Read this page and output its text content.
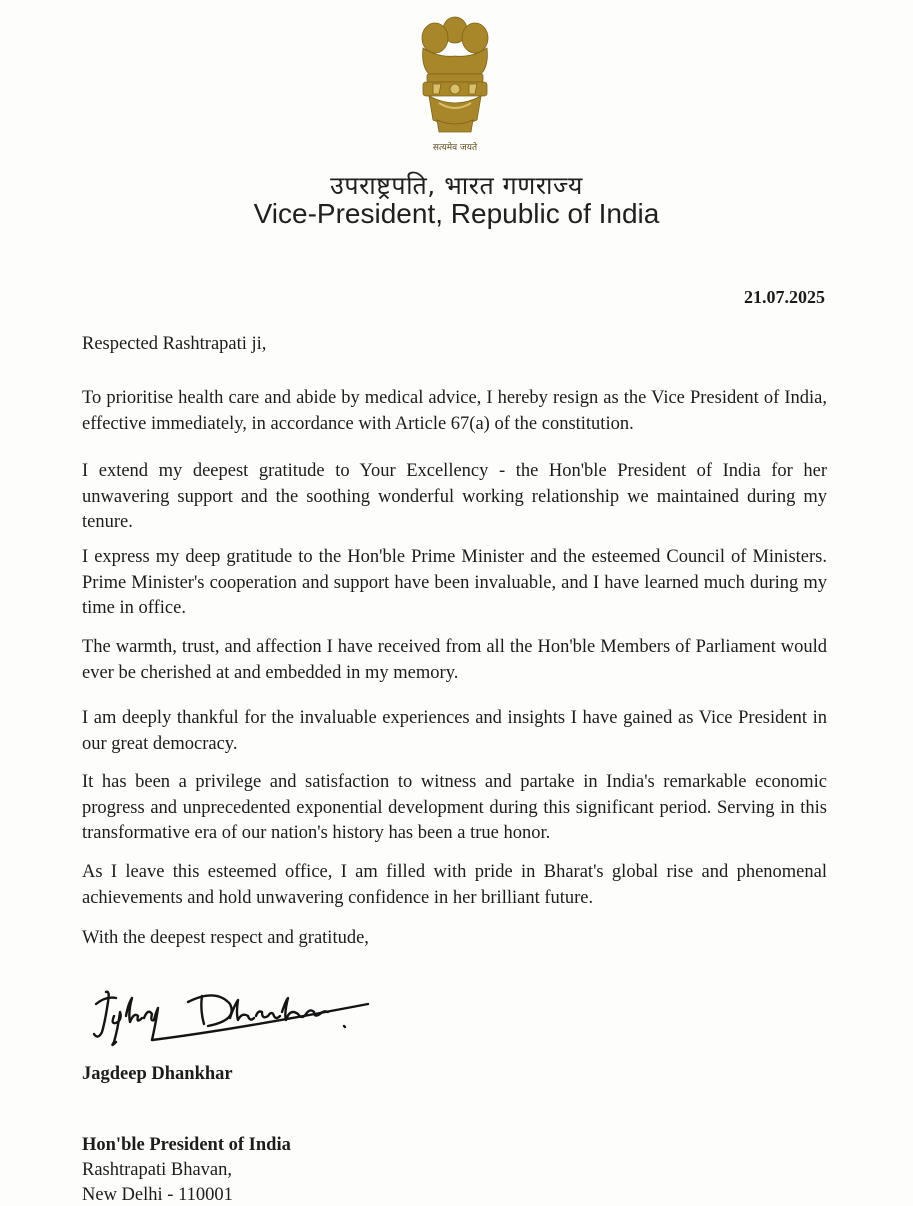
सत्यमेव जयते
उपराष्ट्रपति, भारत गणराज्य
Vice-President, Republic of India
21.07.2025
Respected Rashtrapati ji,
To prioritise health care and abide by medical advice, I hereby resign as the Vice President of India, effective immediately, in accordance with Article 67(a) of the constitution.
I extend my deepest gratitude to Your Excellency - the Hon'ble President of India for her unwavering support and the soothing wonderful working relationship we maintained during my tenure.
I express my deep gratitude to the Hon'ble Prime Minister and the esteemed Council of Ministers. Prime Minister's cooperation and support have been invaluable, and I have learned much during my time in office.
The warmth, trust, and affection I have received from all the Hon'ble Members of Parliament would ever be cherished at and embedded in my memory.
I am deeply thankful for the invaluable experiences and insights I have gained as Vice President in our great democracy.
It has been a privilege and satisfaction to witness and partake in India's remarkable economic progress and unprecedented exponential development during this significant period. Serving in this transformative era of our nation's history has been a true honor.
As I leave this esteemed office, I am filled with pride in Bharat's global rise and phenomenal achievements and hold unwavering confidence in her brilliant future.
With the deepest respect and gratitude,
Jagdeep Dhankhar
Hon'ble President of India
Rashtrapati Bhavan,
New Delhi - 110001
